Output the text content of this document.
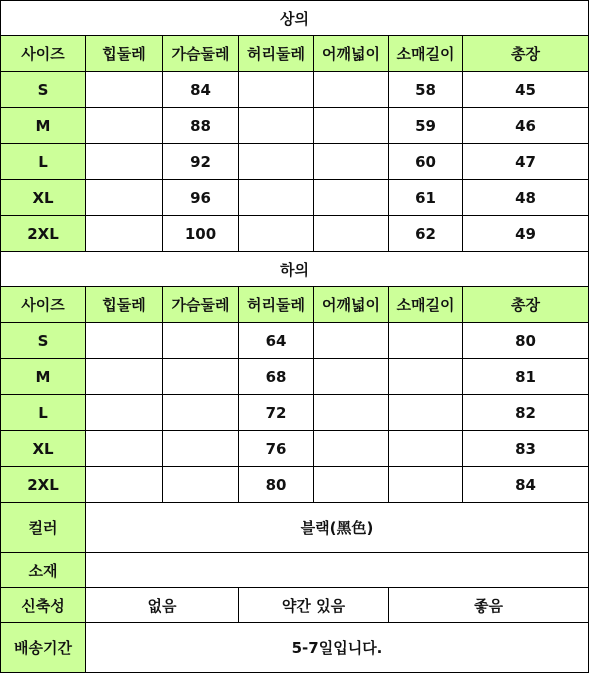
상의						
사이즈	힙둘레	가슴둘레	허리둘레	어깨넓이	소매길이	총장
S		84			58	45
M		88			59	46
L		92			60	47
XL		96			61	48
2XL		100			62	49
하의						
사이즈	힙둘레	가슴둘레	허리둘레	어깨넓이	소매길이	총장
S			64			80
M			68			81
L			72			82
XL			76			83
2XL			80			84
컬러	블랙(黑色)					
소재						
신축성	없음		약간 있음		좋음	
배송기간	5-7일입니다.					
